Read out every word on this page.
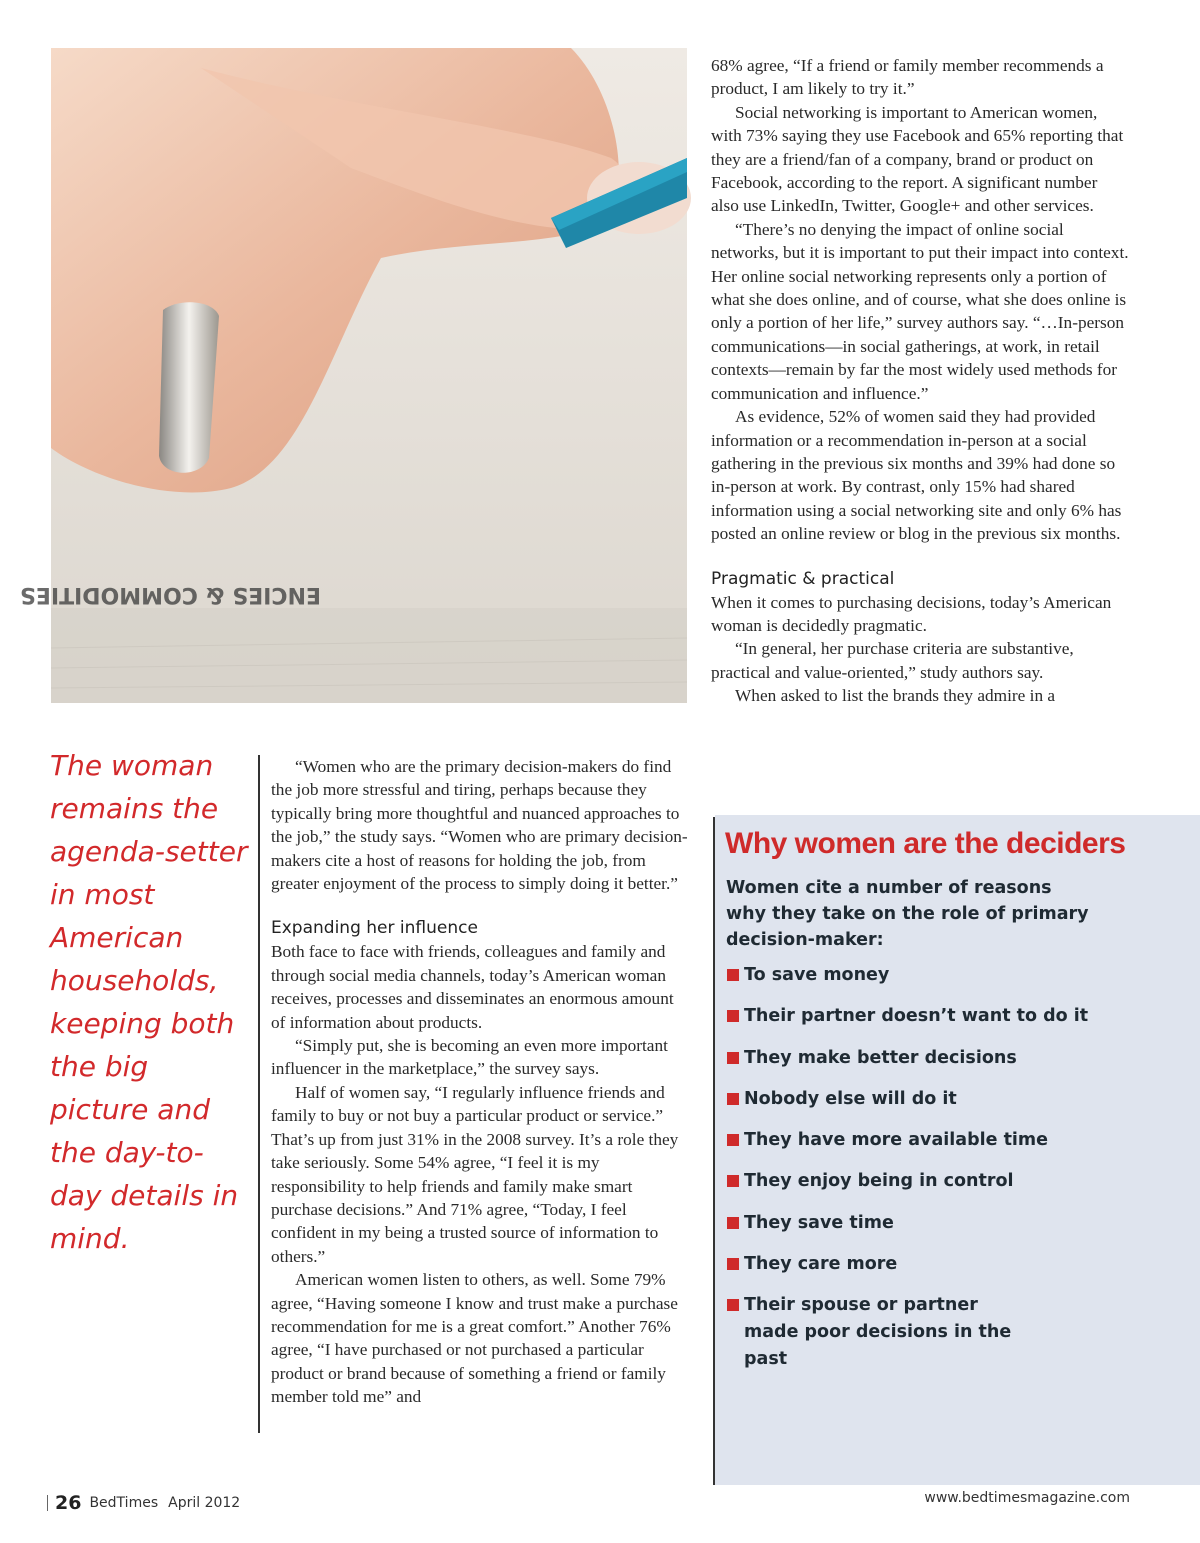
ENCIES & COMMODITIES

The woman remains the agenda-setter in most American households, keeping both the big picture and the day-to-day details in mind.

“Women who are the primary decision-makers do find the job more stressful and tiring, perhaps because they typically bring more thoughtful and nuanced approaches to the job,” the study says. “Women who are primary decision-makers cite a host of reasons for holding the job, from greater enjoyment of the process to simply doing it better.”

Expanding her influence

Both face to face with friends, colleagues and family and through social media channels, today’s American woman receives, processes and disseminates an enormous amount of information about products.

“Simply put, she is becoming an even more important influencer in the marketplace,” the survey says.

Half of women say, “I regularly influence friends and family to buy or not buy a particular product or service.” That’s up from just 31% in the 2008 survey. It’s a role they take seriously. Some 54% agree, “I feel it is my responsibility to help friends and family make smart purchase decisions.” And 71% agree, “Today, I feel confident in my being a trusted source of information to others.”

American women listen to others, as well. Some 79% agree, “Having someone I know and trust make a purchase recommendation for me is a great comfort.” Another 76% agree, “I have purchased or not purchased a particular product or brand because of something a friend or family member told me” and

68% agree, “If a friend or family member recommends a product, I am likely to try it.”

Social networking is important to American women, with 73% saying they use Facebook and 65% reporting that they are a friend/fan of a company, brand or product on Facebook, according to the report. A significant number also use LinkedIn, Twitter, Google+ and other services.

“There’s no denying the impact of online social networks, but it is important to put their impact into context. Her online social networking represents only a portion of what she does online, and of course, what she does online is only a portion of her life,” survey authors say. “…In-person communications—in social gatherings, at work, in retail contexts—remain by far the most widely used methods for communication and influence.”

As evidence, 52% of women said they had provided information or a recommendation in-person at a social gathering in the previous six months and 39% had done so in-person at work. By contrast, only 15% had shared information using a social networking site and only 6% has posted an online review or blog in the previous six months.

Pragmatic & practical

When it comes to purchasing decisions, today’s American woman is decidedly pragmatic.

“In general, her purchase criteria are substantive, practical and value-oriented,” study authors say.

When asked to list the brands they admire in a

Why women are the deciders

Women cite a number of reasons why they take on the role of primary decision-maker:

To save money
Their partner doesn’t want to do it
They make better decisions
Nobody else will do it
They have more available time
They enjoy being in control
They save time
They care more
Their spouse or partner made poor decisions in the past
26 BedTimes April 2012	www.bedtimesmagazine.com
